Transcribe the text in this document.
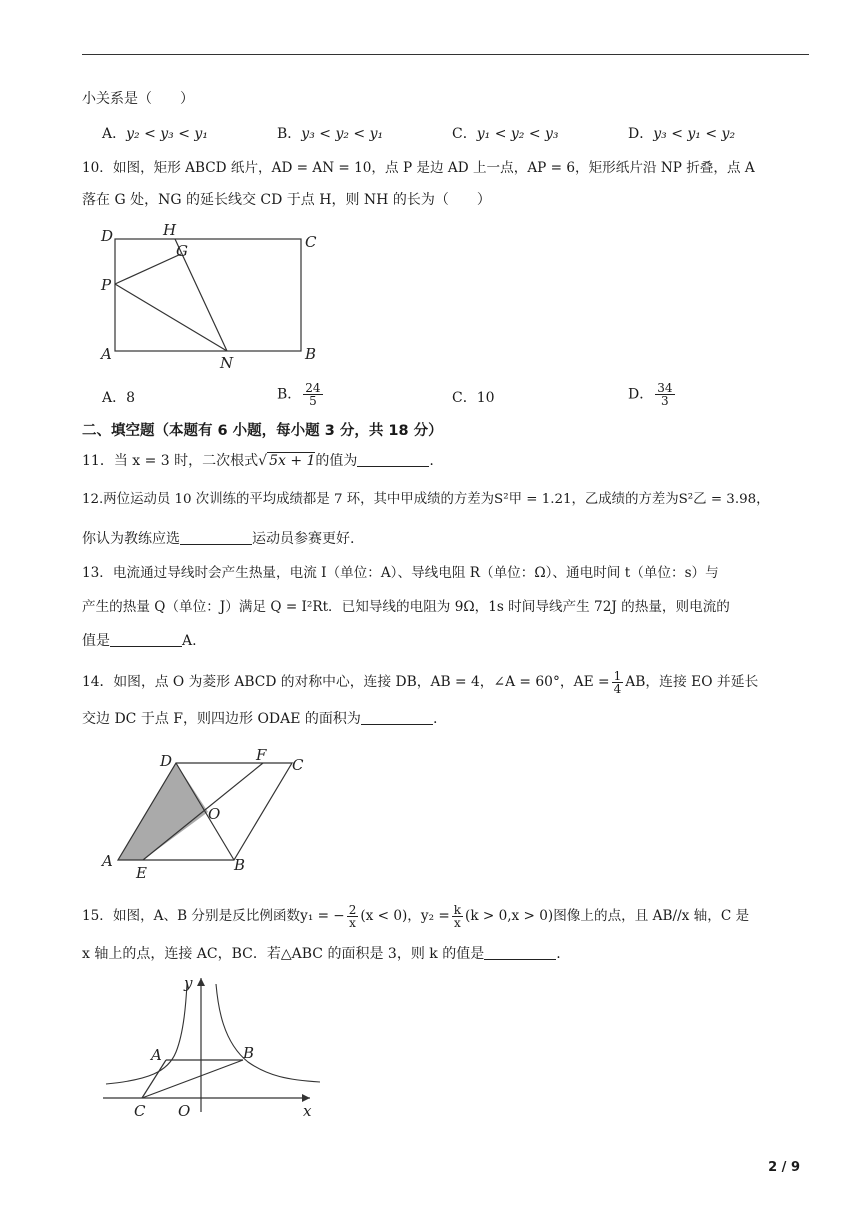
小关系是（　　）
A．y₂ < y₃ < y₁	B．y₃ < y₂ < y₁	C．y₁ < y₂ < y₃	D．y₃ < y₁ < y₂
10．如图，矩形 ABCD 纸片，AD = AN = 10，点 P 是边 AD 上一点，AP = 6，矩形纸片沿 NP 折叠，点 A
落在 G 处，NG 的延长线交 CD 于点 H，则 NH 的长为（　　）
D	H
G	C
P
A	N	B
A．8	B． $\frac{24}{5}$	C．10	D． $\frac{34}{3}$
二、填空题（本题有 6 小题，每小题 3 分，共 18 分）
11．当 x = 3 时，二次根式√ 5x + 1的值为	.
12.两位运动员 10 次训练的平均成绩都是 7 环，其中甲成绩的方差为S²甲 = 1.21，乙成绩的方差为S²乙 = 3.98，
你认为教练应选	运动员参赛更好.
13．电流通过导线时会产生热量，电流 I（单位：A）、导线电阻 R（单位：Ω）、通电时间 t（单位：s）与
产生的热量 Q（单位：J）满足 Q = I²Rt．已知导线的电阻为 9Ω，1s 时间导线产生 72J 的热量，则电流的
值是	A.
14．如图，点 O 为菱形 ABCD 的对称中心，连接 DB，AB = 4，∠A = 60°，AE = $\frac{1}{4}$ AB，连接 EO 并延长
交边 DC 于点 F，则四边形 ODAE 的面积为	.
D	F
C
O
A
E	B
15．如图，A、B 分别是反比例函数y₁ = − $\frac{2}{x} (x < 0)$，$y_2 = \frac{k}{x} (k > 0,x > 0)$图像上的点，且 AB//x 轴，C 是
x 轴上的点，连接 AC，BC．若△ABC 的面积是 3，则 k 的值是	.
y
A	B
C O	x
2 / 9
